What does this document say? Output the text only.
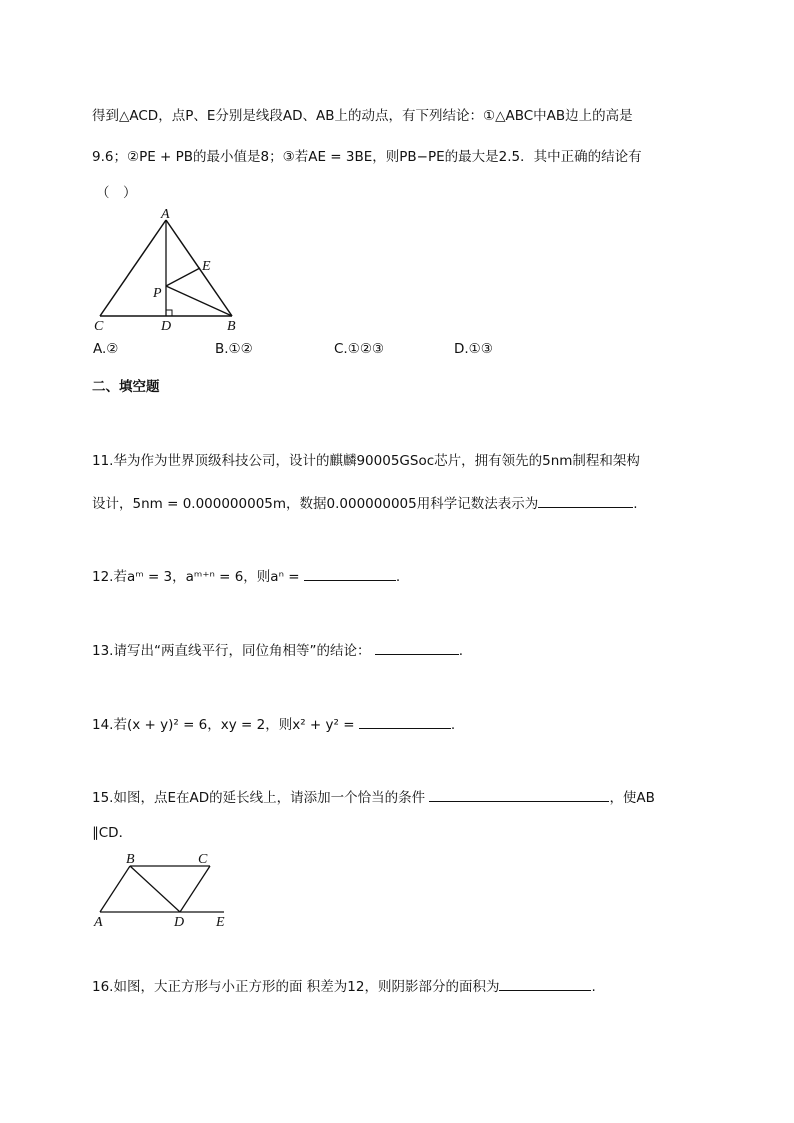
得到△ACD，点P、E分别是线段AD、AB上的动点，有下列结论：①△ABC中AB边上的高是
9.6；②PE + PB的最小值是8；③若AE = 3BE，则PB−PE的最大是2.5．其中正确的结论有
（　）
A
E
P
C	D	B
A.②	B.①②	C.①②③	D.①③
二、填空题
11.华为作为世界顶级科技公司，设计的麒麟90005GSoc芯片，拥有领先的5nm制程和架构
设计，5nm = 0.000000005m，数据0.000000005用科学记数法表示为	.
12.若aᵐ = 3，aᵐ⁺ⁿ = 6，则aⁿ =	.
13.请写出“两直线平行，同位角相等”的结论：	.
14.若(x + y)² = 6，xy = 2，则x² + y² =	.
15.如图，点E在AD的延长线上，请添加一个恰当的条件	，使AB
∥CD．
B	C
A	D E
16.如图，大正方形与小正方形的面 积差为12，则阴影部分的面积为	.
